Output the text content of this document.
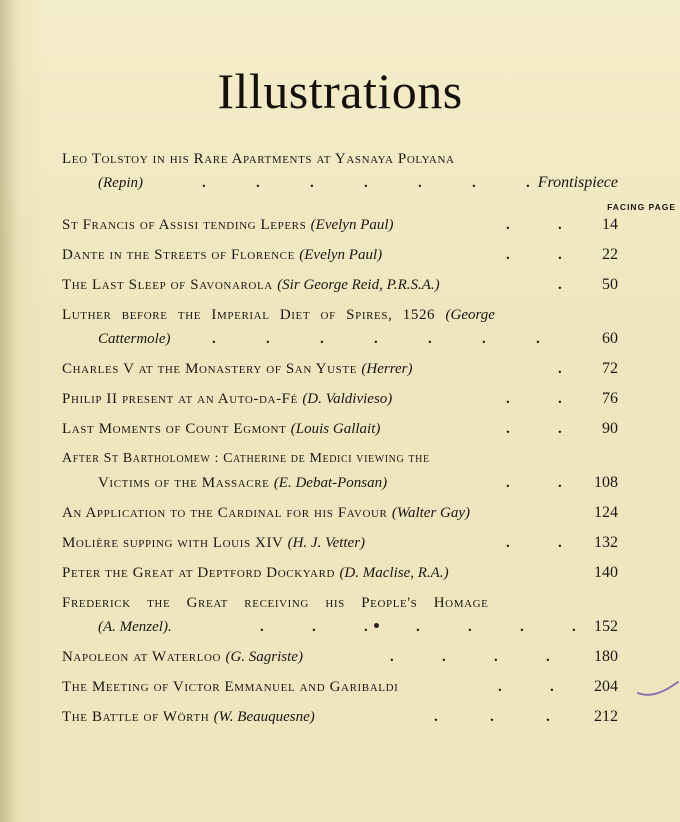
Illustrations
FACING PAGE
Leo Tolstoy in his Rare Apartments at Yasnaya Polyana
(Repin)	.	.	.	.	.	.	. Frontispiece
St Francis of Assisi tending Lepers (Evelyn Paul)	.	.	14
Dante in the Streets of Florence (Evelyn Paul)	.	.	22
The Last Sleep of Savonarola (Sir George Reid, P.R.S.A.)	.	50
Luther before the Imperial Diet of Spires, 1526 (George
Cattermole)	.	.	.	.	.	.	.	60
Charles V at the Monastery of San Yuste (Herrer)	.	72
Philip II present at an Auto-da-Fé (D. Valdivieso)	.	.	76
Last Moments of Count Egmont (Louis Gallait)	.	.	90
After St Bartholomew : Catherine de Medici viewing the
Victims of the Massacre (E. Debat-Ponsan)	.	. 108
An Application to the Cardinal for his Favour (Walter Gay)	124
Molière supping with Louis XIV (H. J. Vetter)	.	. 132
Peter the Great at Deptford Dockyard (D. Maclise, R.A.)	140
Frederick the Great receiving his People's Homage
(A. Menzel).	.	.	.	.	.	.	. 152
Napoleon at Waterloo (G. Sagriste)	.	.	.	.	180
The Meeting of Victor Emmanuel and Garibaldi	.	.	204
The Battle of Wörth (W. Beauquesne)	.	.	.	212
